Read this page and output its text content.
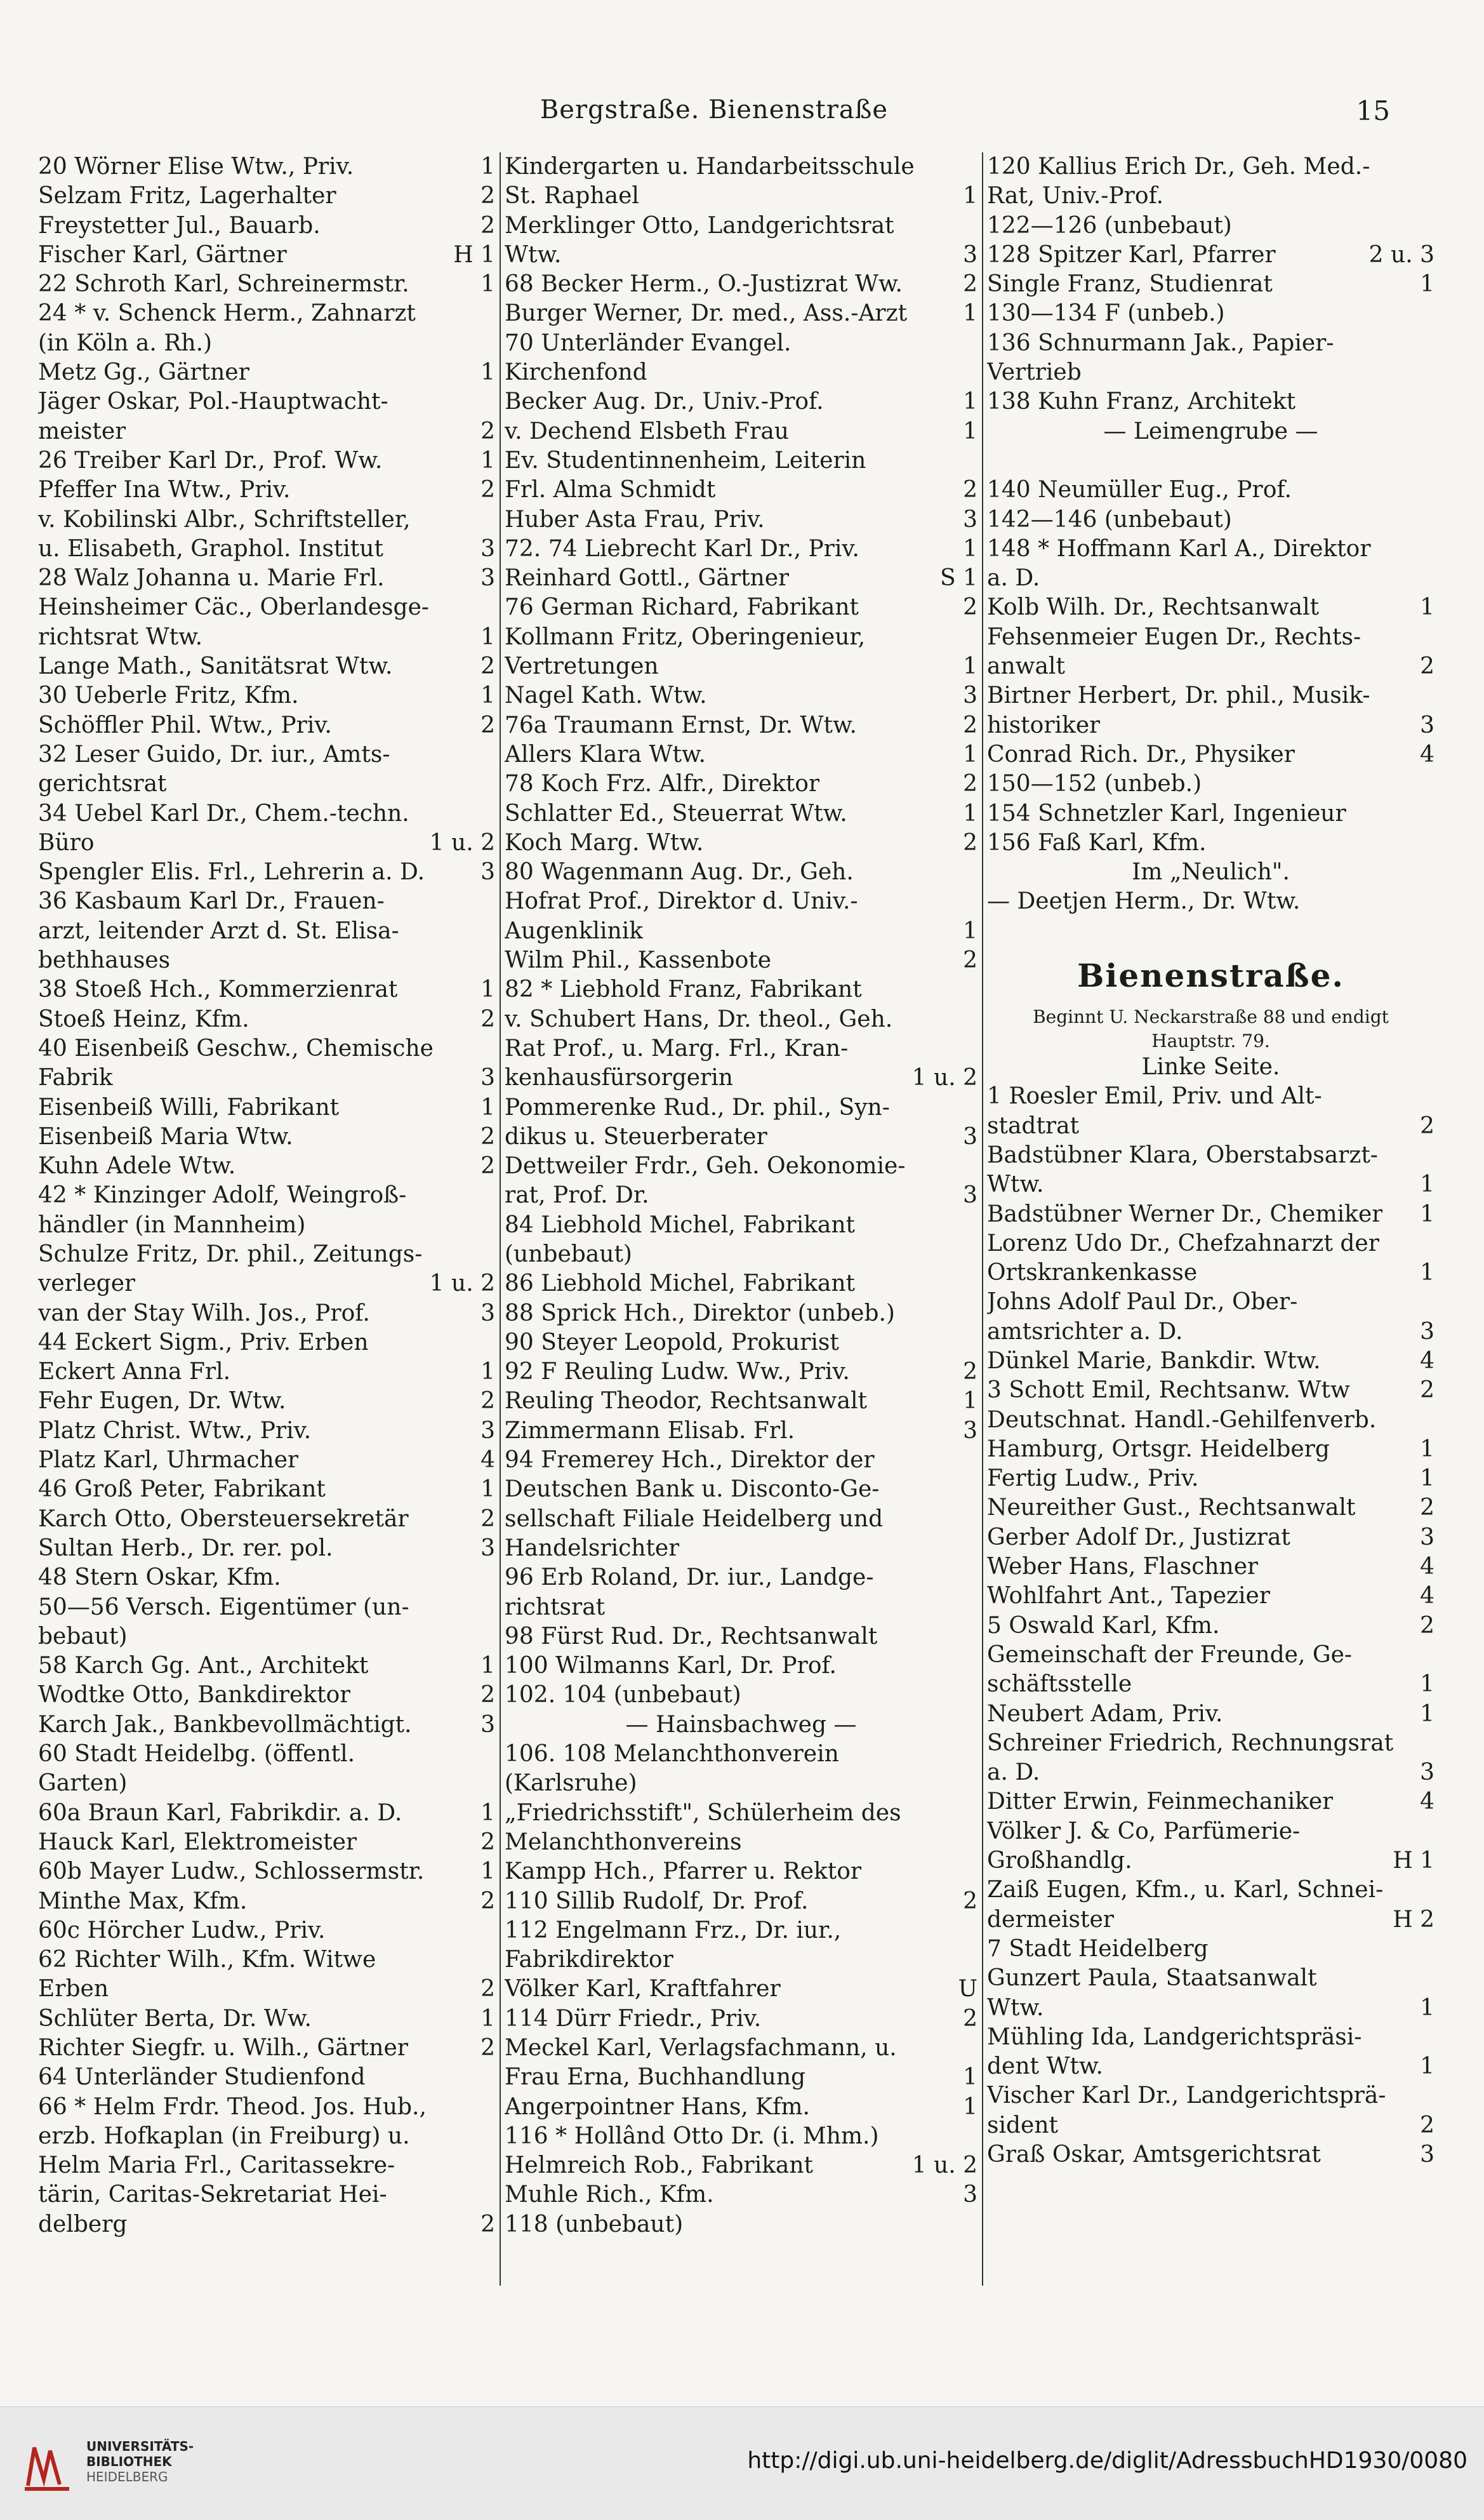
Bergstraße. Bienenstraße	15
20 Wörner Elise Wtw., Priv.	1
Selzam Fritz, Lagerhalter	2
Freystetter Jul., Bauarb.	2
Fischer Karl, Gärtner	H 1
22 Schroth Karl, Schreinermstr.	1
24 * v. Schenck Herm., Zahnarzt
(in Köln a. Rh.)
Metz Gg., Gärtner	1
Jäger Oskar, Pol.-Hauptwacht-
meister	2
26 Treiber Karl Dr., Prof. Ww.	1
Pfeffer Ina Wtw., Priv.	2
v. Kobilinski Albr., Schriftsteller,
u. Elisabeth, Graphol. Institut	3
28 Walz Johanna u. Marie Frl.	3
Heinsheimer Cäc., Oberlandesge-
richtsrat Wtw.	1
Lange Math., Sanitätsrat Wtw.	2
30 Ueberle Fritz, Kfm.	1
Schöffler Phil. Wtw., Priv.	2
32 Leser Guido, Dr. iur., Amts-
gerichtsrat
34 Uebel Karl Dr., Chem.-techn.
Büro	1 u. 2
Spengler Elis. Frl., Lehrerin a. D. 3
36 Kasbaum Karl Dr., Frauen-
arzt, leitender Arzt d. St. Elisa-
bethhauses
38 Stoeß Hch., Kommerzienrat	1
Stoeß Heinz, Kfm.	2
40 Eisenbeiß Geschw., Chemische
Fabrik	3
Eisenbeiß Willi, Fabrikant	1
Eisenbeiß Maria Wtw.	2
Kuhn Adele Wtw.	2
42 * Kinzinger Adolf, Weingroß-
händler (in Mannheim)
Schulze Fritz, Dr. phil., Zeitungs-
verleger	1 u. 2
van der Stay Wilh. Jos., Prof.	3
44 Eckert Sigm., Priv. Erben
Eckert Anna Frl.	1
Fehr Eugen, Dr. Wtw.	2
Platz Christ. Wtw., Priv.	3
Platz Karl, Uhrmacher	4
46 Groß Peter, Fabrikant	1
Karch Otto, Obersteuersekretär	2
Sultan Herb., Dr. rer. pol.	3
48 Stern Oskar, Kfm.
50—56 Versch. Eigentümer (un-
bebaut)
58 Karch Gg. Ant., Architekt	1
Wodtke Otto, Bankdirektor	2
Karch Jak., Bankbevollmächtigt.	3
60 Stadt Heidelbg. (öffentl.
Garten)
60a Braun Karl, Fabrikdir. a. D.	1
Hauck Karl, Elektromeister	2
60b Mayer Ludw., Schlossermstr. 1
Minthe Max, Kfm.	2
60c Hörcher Ludw., Priv.
62 Richter Wilh., Kfm. Witwe
Erben	2
Schlüter Berta, Dr. Ww.	1
Richter Siegfr. u. Wilh., Gärtner	2
64 Unterländer Studienfond
66 * Helm Frdr. Theod. Jos. Hub.,
erzb. Hofkaplan (in Freiburg) u.
Helm Maria Frl., Caritassekre-
tärin, Caritas-Sekretariat Hei-
delberg	2
Kindergarten u. Handarbeitsschule
St. Raphael	1
Merklinger Otto, Landgerichtsrat
Wtw.	3
68 Becker Herm., O.-Justizrat Ww.	2
Burger Werner, Dr. med., Ass.-Arzt 1
70 Unterländer Evangel.
Kirchenfond
Becker Aug. Dr., Univ.-Prof.	1
v. Dechend Elsbeth Frau	1
Ev. Studentinnenheim, Leiterin
Frl. Alma Schmidt	2
Huber Asta Frau, Priv.	3
72. 74 Liebrecht Karl Dr., Priv.	1
Reinhard Gottl., Gärtner	S 1
76 German Richard, Fabrikant	2
Kollmann Fritz, Oberingenieur,
Vertretungen	1
Nagel Kath. Wtw.	3
76a Traumann Ernst, Dr. Wtw.	2
Allers Klara Wtw.	1
78 Koch Frz. Alfr., Direktor	2
Schlatter Ed., Steuerrat Wtw.	1
Koch Marg. Wtw.	2
80 Wagenmann Aug. Dr., Geh.
Hofrat Prof., Direktor d. Univ.-
Augenklinik	1
Wilm Phil., Kassenbote	2
82 * Liebhold Franz, Fabrikant
v. Schubert Hans, Dr. theol., Geh.
Rat Prof., u. Marg. Frl., Kran-
kenhausfürsorgerin	1 u. 2
Pommerenke Rud., Dr. phil., Syn-
dikus u. Steuerberater	3
Dettweiler Frdr., Geh. Oekonomie-
rat, Prof. Dr.	3
84 Liebhold Michel, Fabrikant
(unbebaut)
86 Liebhold Michel, Fabrikant
88 Sprick Hch., Direktor (unbeb.)
90 Steyer Leopold, Prokurist
92 F Reuling Ludw. Ww., Priv.	2
Reuling Theodor, Rechtsanwalt	1
Zimmermann Elisab. Frl.	3
94 Fremerey Hch., Direktor der
Deutschen Bank u. Disconto-Ge-
sellschaft Filiale Heidelberg und
Handelsrichter
96 Erb Roland, Dr. iur., Landge-
richtsrat
98 Fürst Rud. Dr., Rechtsanwalt
100 Wilmanns Karl, Dr. Prof.
102. 104 (unbebaut)
— Hainsbachweg —
106. 108 Melanchthonverein
(Karlsruhe)
„Friedrichsstift", Schülerheim des
Melanchthonvereins
Kampp Hch., Pfarrer u. Rektor
110 Sillib Rudolf, Dr. Prof.	2
112 Engelmann Frz., Dr. iur.,
Fabrikdirektor
Völker Karl, Kraftfahrer	U
114 Dürr Friedr., Priv.	2
Meckel Karl, Verlagsfachmann, u.
Frau Erna, Buchhandlung	1
Angerpointner Hans, Kfm.	1
116 * Hollând Otto Dr. (i. Mhm.)
Helmreich Rob., Fabrikant	1 u. 2
Muhle Rich., Kfm.	3
118 (unbebaut)
120 Kallius Erich Dr., Geh. Med.-
Rat, Univ.-Prof.
122—126 (unbebaut)
128 Spitzer Karl, Pfarrer	2 u. 3
Single Franz, Studienrat	1
130—134 F (unbeb.)
136 Schnurmann Jak., Papier-
Vertrieb
138 Kuhn Franz, Architekt
— Leimengrube —
140 Neumüller Eug., Prof.
142—146 (unbebaut)
148 * Hoffmann Karl A., Direktor
a. D.
Kolb Wilh. Dr., Rechtsanwalt	1
Fehsenmeier Eugen Dr., Rechts-
anwalt	2
Birtner Herbert, Dr. phil., Musik-
historiker	3
Conrad Rich. Dr., Physiker	4
150—152 (unbeb.)
154 Schnetzler Karl, Ingenieur
156 Faß Karl, Kfm.
Im „Neulich".
— Deetjen Herm., Dr. Wtw.
Bienenstraße.
Beginnt U. Neckarstraße 88 und endigt
Hauptstr. 79.
Linke Seite.
1 Roesler Emil, Priv. und Alt-
stadtrat	2
Badstübner Klara, Oberstabsarzt-
Wtw.	1
Badstübner Werner Dr., Chemiker 1
Lorenz Udo Dr., Chefzahnarzt der
Ortskrankenkasse	1
Johns Adolf Paul Dr., Ober-
amtsrichter a. D.	3
Dünkel Marie, Bankdir. Wtw.	4
3 Schott Emil, Rechtsanw. Wtw	2
Deutschnat. Handl.-Gehilfenverb.
Hamburg, Ortsgr. Heidelberg	1
Fertig Ludw., Priv.	1
Neureither Gust., Rechtsanwalt	2
Gerber Adolf Dr., Justizrat	3
Weber Hans, Flaschner	4
Wohlfahrt Ant., Tapezier	4
5 Oswald Karl, Kfm.	2
Gemeinschaft der Freunde, Ge-
schäftsstelle	1
Neubert Adam, Priv.	1
Schreiner Friedrich, Rechnungsrat
a. D.	3
Ditter Erwin, Feinmechaniker	4
Völker J. & Co, Parfümerie-
Großhandlg.	H 1
Zaiß Eugen, Kfm., u. Karl, Schnei-
dermeister	H 2
7 Stadt Heidelberg
Gunzert Paula, Staatsanwalt
Wtw.	1
Mühling Ida, Landgerichtspräsi-
dent Wtw.	1
Vischer Karl Dr., Landgerichtsprä-
sident	2
Graß Oskar, Amtsgerichtsrat	3
UNIVERSITÄTS-
BIBLIOTHEK
HEIDELBERG
http://digi.ub.uni-heidelberg.de/diglit/AdressbuchHD1930/0080
